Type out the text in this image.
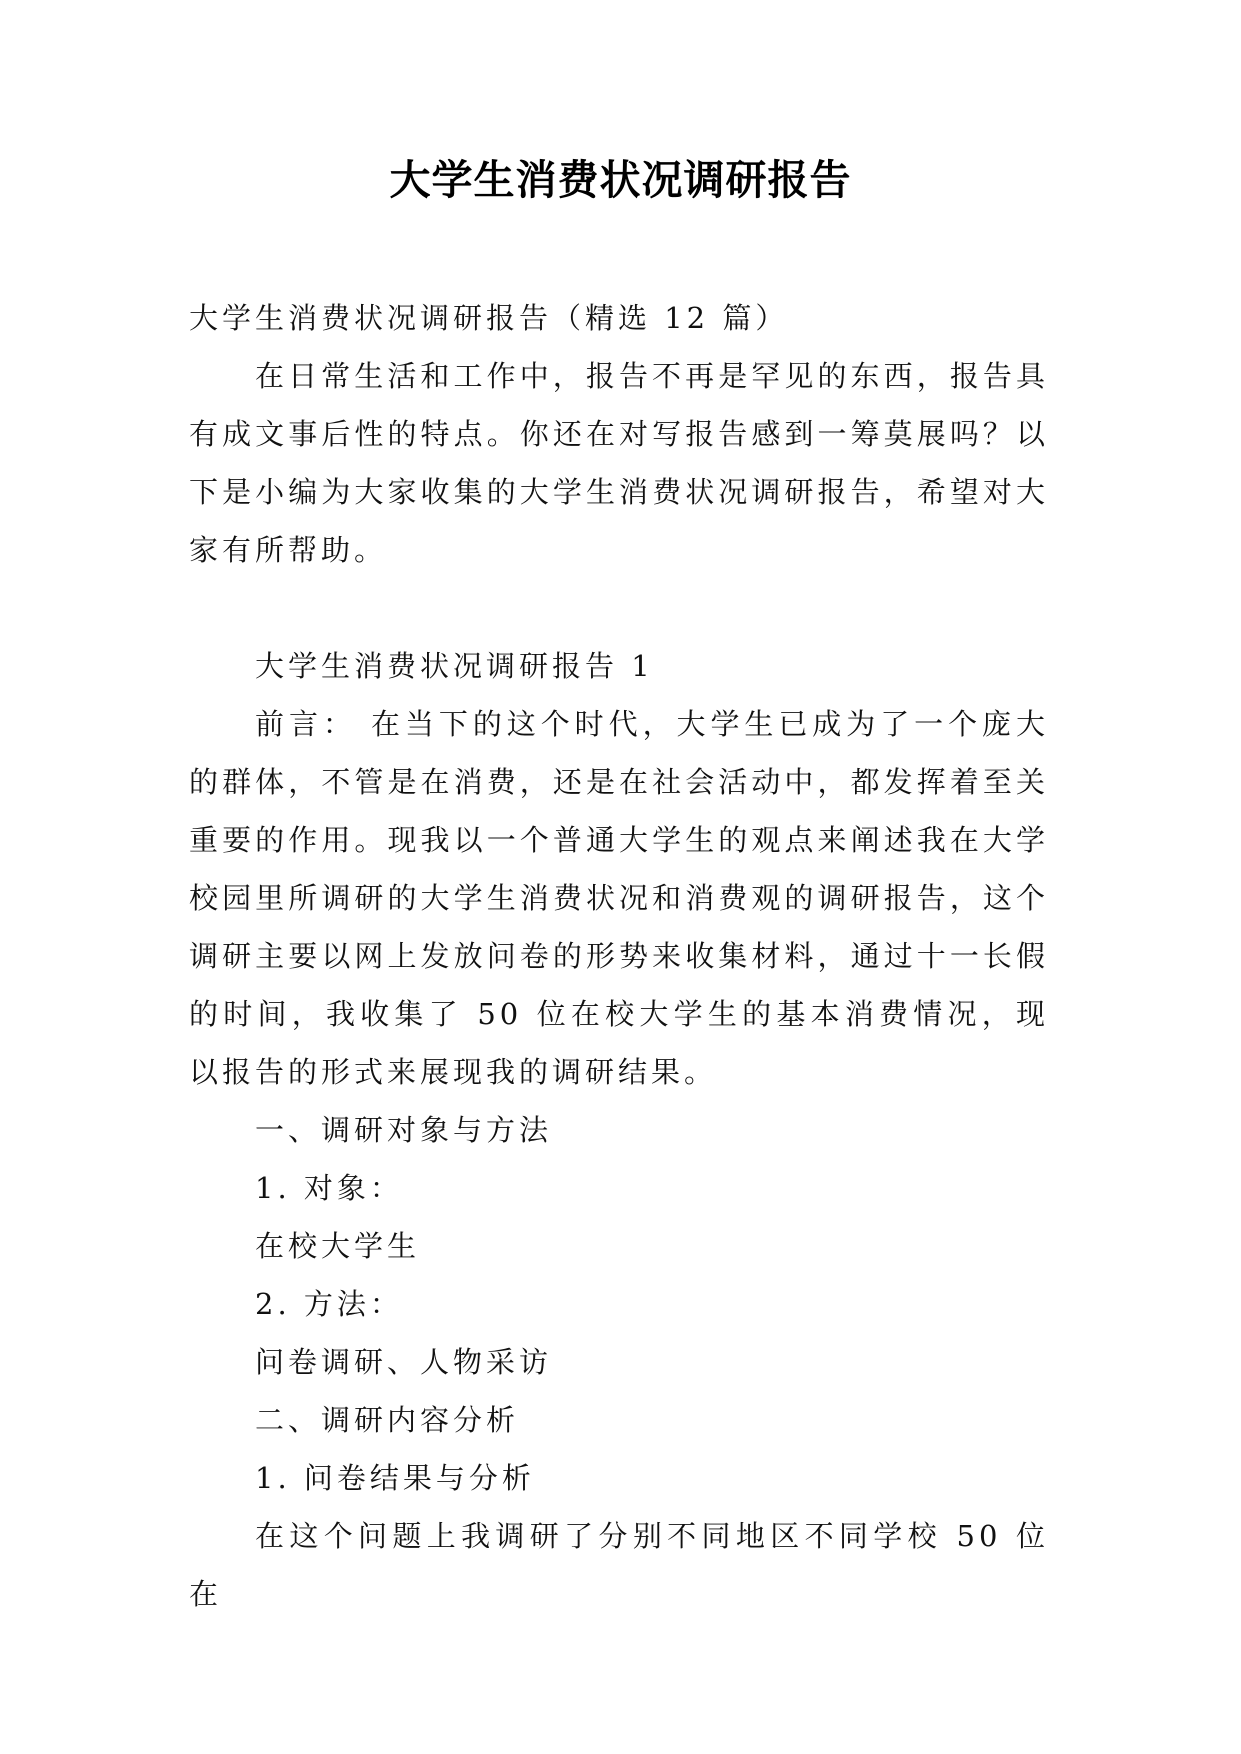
大学生消费状况调研报告

大学生消费状况调研报告（精选 12 篇）

在日常生活和工作中，报告不再是罕见的东西，报告具有成文事后性的特点。你还在对写报告感到一筹莫展吗？以下是小编为大家收集的大学生消费状况调研报告，希望对大家有所帮助。

大学生消费状况调研报告 1

前言： 在当下的这个时代，大学生已成为了一个庞大的群体，不管是在消费，还是在社会活动中，都发挥着至关重要的作用。现我以一个普通大学生的观点来阐述我在大学校园里所调研的大学生消费状况和消费观的调研报告，这个调研主要以网上发放问卷的形势来收集材料，通过十一长假的时间，我收集了 50 位在校大学生的基本消费情况，现以报告的形式来展现我的调研结果。

一、调研对象与方法

1. 对象：

在校大学生

2. 方法：

问卷调研、人物采访

二、调研内容分析

1. 问卷结果与分析

在这个问题上我调研了分别不同地区不同学校 50 位在
